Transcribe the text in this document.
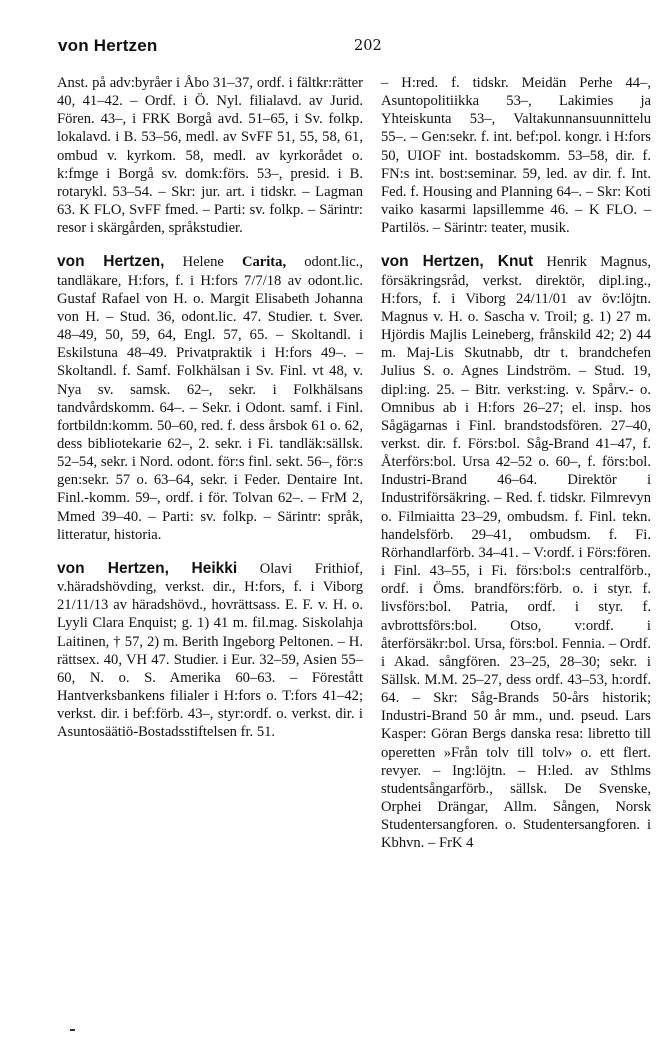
von Hertzen	202

Anst. på adv:byråer i Åbo 31–37, ordf. i fältkr:rätter 40, 41–42. – Ordf. i Ö. Nyl. filialavd. av Jurid. Fören. 43–, i FRK Borgå avd. 51–65, i Sv. folkp. lokalavd. i B. 53–56, medl. av SvFF 51, 55, 58, 61, ombud v. kyrkom. 58, medl. av kyrkorådet o. k:fmge i Borgå sv. domk:förs. 53–, presid. i B. rotarykl. 53–54. – Skr: jur. art. i tidskr. – Lagman 63. K FLO, SvFF fmed. – Parti: sv. folkp. – Särintr: resor i skärgården, språkstudier.

von Hertzen, Helene Carita, odont.lic., tandläkare, H:fors, f. i H:fors 7/7/18 av odont.lic. Gustaf Rafael von H. o. Margit Elisabeth Johanna von H. – Stud. 36, odont.lic. 47. Studier. t. Sver. 48–49, 50, 59, 64, Engl. 57, 65. – Skoltandl. i Eskilstuna 48–49. Privatpraktik i H:fors 49–. – Skoltandl. f. Samf. Folkhälsan i Sv. Finl. vt 48, v. Nya sv. samsk. 62–, sekr. i Folkhälsans tandvårdskomm. 64–. – Sekr. i Odont. samf. i Finl. fortbildn:komm. 50–60, red. f. dess årsbok 61 o. 62, dess bibliotekarie 62–, 2. sekr. i Fi. tandläk:sällsk. 52–54, sekr. i Nord. odont. för:s finl. sekt. 56–, för:s gen:sekr. 57 o. 63–64, sekr. i Feder. Dentaire Int. Finl.-komm. 59–, ordf. i för. Tolvan 62–. – FrM 2, Mmed 39–40. – Parti: sv. folkp. – Särintr: språk, litteratur, historia.

von Hertzen, Heikki Olavi Frithiof, v.häradshövding, verkst. dir., H:fors, f. i Viborg 21/11/13 av häradshövd., hovrättsass. E. F. v. H. o. Lyyli Clara Enquist; g. 1) 41 m. fil.mag. Siskolahja Laitinen, † 57, 2) m. Berith Ingeborg Peltonen. – H. rättsex. 40, VH 47. Studier. i Eur. 32–59, Asien 55–60, N. o. S. Amerika 60–63. – Förestått Hantverksbankens filialer i H:fors o. T:fors 41–42; verkst. dir. i bef:förb. 43–, styr:ordf. o. verkst. dir. i Asuntosäätiö-Bostadsstiftelsen fr. 51.

– H:red. f. tidskr. Meidän Perhe 44–, Asuntopolitiikka 53–, Lakimies ja Yhteiskunta 53–, Valtakunnansuunnittelu 55–. – Gen:sekr. f. int. bef:pol. kongr. i H:fors 50, UIOF int. bostadskomm. 53–58, dir. f. FN:s int. bost:seminar. 59, led. av dir. f. Int. Fed. f. Housing and Planning 64–. – Skr: Koti vaiko kasarmi lapsillemme 46. – K FLO. – Partilös. – Särintr: teater, musik.

von Hertzen, Knut Henrik Magnus, försäkringsråd, verkst. direktör, dipl.ing., H:fors, f. i Viborg 24/11/01 av öv:löjtn. Magnus v. H. o. Sascha v. Troil; g. 1) 27 m. Hjördis Majlis Leineberg, frånskild 42; 2) 44 m. Maj-Lis Skutnabb, dtr t. brandchefen Julius S. o. Agnes Lindström. – Stud. 19, dipl:ing. 25. – Bitr. verkst:ing. v. Spårv.- o. Omnibus ab i H:fors 26–27; el. insp. hos Sågägarnas i Finl. brandstodsfören. 27–40, verkst. dir. f. Förs:bol. Såg-Brand 41–47, f. Återförs:bol. Ursa 42–52 o. 60–, f. förs:bol. Industri-Brand 46–64. Direktör i Industriförsäkring. – Red. f. tidskr. Filmrevyn o. Filmiaitta 23–29, ombudsm. f. Finl. tekn. handelsförb. 29–41, ombudsm. f. Fi. Rörhandlarförb. 34–41. – V:ordf. i Förs:fören. i Finl. 43–55, i Fi. förs:bol:s centralförb., ordf. i Öms. brandförs:förb. o. i styr. f. livsförs:bol. Patria, ordf. i styr. f. avbrottsförs:bol. Otso, v:ordf. i återförsäkr:bol. Ursa, förs:bol. Fennia. – Ordf. i Akad. sångfören. 23–25, 28–30; sekr. i Sällsk. M.M. 25–27, dess ordf. 43–53, h:ordf. 64. – Skr: Såg-Brands 50-års historik; Industri-Brand 50 år mm., und. pseud. Lars Kasper: Göran Bergs danska resa: libretto till operetten »Från tolv till tolv» o. ett flert. revyer. – Ing:löjtn. – H:led. av Sthlms studentsångarförb., sällsk. De Svenske, Orphei Drängar, Allm. Sången, Norsk Studentersangforen. o. Studentersangforen. i Kbhvn. – FrK 4
